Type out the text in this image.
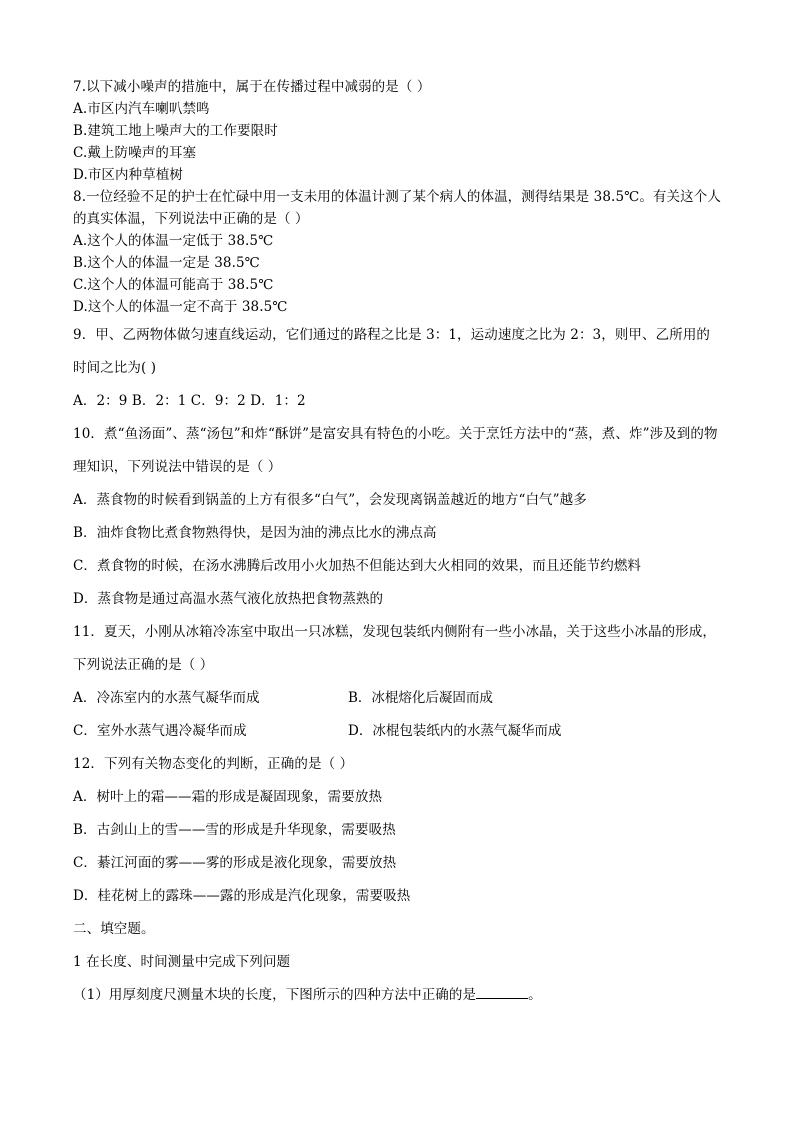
7.以下减小噪声的措施中，属于在传播过程中减弱的是（ ）
A.市区内汽车喇叭禁鸣
B.建筑工地上噪声大的工作要限时
C.戴上防噪声的耳塞
D.市区内种草植树
8.一位经验不足的护士在忙碌中用一支未用的体温计测了某个病人的体温，测得结果是 38.5℃。有关这个人
的真实体温，下列说法中正确的是（ ）
A.这个人的体温一定低于 38.5℃
B.这个人的体温一定是 38.5℃
C.这个人的体温可能高于 38.5℃
D.这个人的体温一定不高于 38.5℃
9．甲、乙两物体做匀速直线运动，它们通过的路程之比是 3：1，运动速度之比为 2：3，则甲、乙所用的
时间之比为( )
A．2：9 B．2：1 C．9：2 D．1：2
10．煮“鱼汤面”、蒸“汤包”和炸“酥饼”是富安具有特色的小吃。关于烹饪方法中的“蒸，煮、炸”涉及到的物
理知识，下列说法中错误的是（ ）
A．蒸食物的时候看到锅盖的上方有很多“白气”，会发现离锅盖越近的地方“白气”越多
B．油炸食物比煮食物熟得快，是因为油的沸点比水的沸点高
C．煮食物的时候，在汤水沸腾后改用小火加热不但能达到大火相同的效果，而且还能节约燃料
D．蒸食物是通过高温水蒸气液化放热把食物蒸熟的
11．夏天，小刚从冰箱冷冻室中取出一只冰糕，发现包装纸内侧附有一些小冰晶，关于这些小冰晶的形成，
下列说法正确的是（ ）
A．冷冻室内的水蒸气凝华而成	B．冰棍熔化后凝固而成
C．室外水蒸气遇冷凝华而成	D．冰棍包装纸内的水蒸气凝华而成
12．下列有关物态变化的判断，正确的是（ ）
A．树叶上的霜——霜的形成是凝固现象，需要放热
B．古剑山上的雪——雪的形成是升华现象，需要吸热
C．綦江河面的雾——雾的形成是液化现象，需要放热
D．桂花树上的露珠——露的形成是汽化现象，需要吸热
二、填空题。
1 在长度、时间测量中完成下列问题
（1）用厚刻度尺测量木块的长度，下图所示的四种方法中正确的是	。
